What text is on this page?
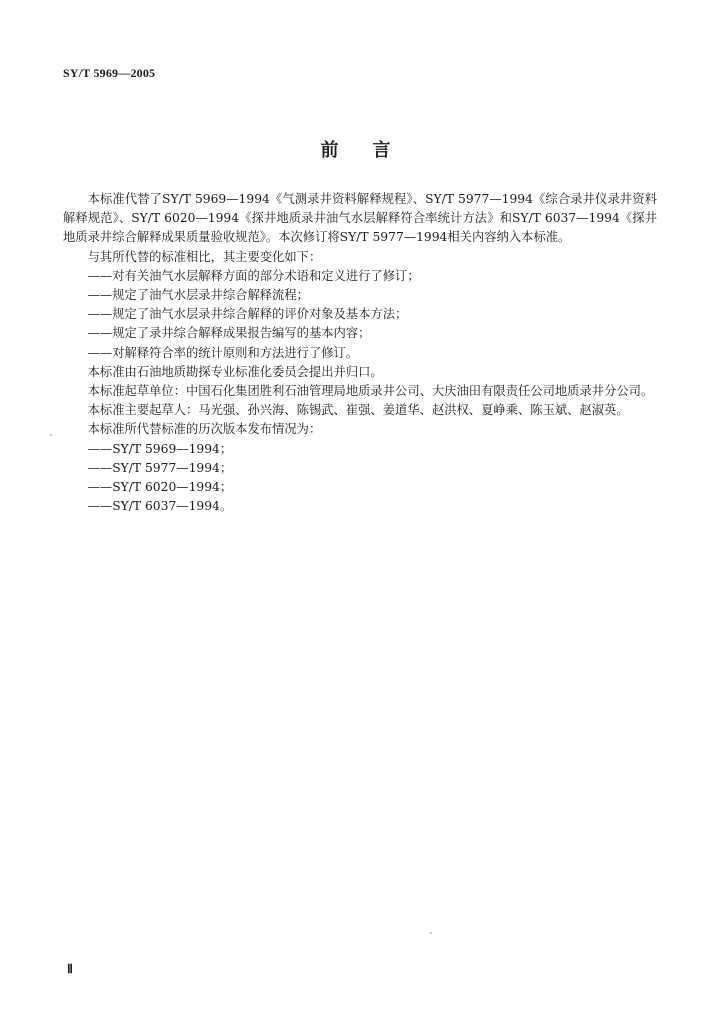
SY/T 5969—2005
前 言

本标准代替了SY/T 5969—1994《气测录井资料解释规程》、SY/T 5977—1994《综合录井仪录井资料解释规范》、SY/T 6020—1994《探井地质录井油气水层解释符合率统计方法》和SY/T 6037—1994《探井地质录井综合解释成果质量验收规范》。本次修订将SY/T 5977—1994相关内容纳入本标准。

与其所代替的标准相比，其主要变化如下：

——对有关油气水层解释方面的部分术语和定义进行了修订；

——规定了油气水层录井综合解释流程；

——规定了油气水层录井综合解释的评价对象及基本方法；

——规定了录井综合解释成果报告编写的基本内容；

——对解释符合率的统计原则和方法进行了修订。

本标准由石油地质勘探专业标准化委员会提出并归口。

本标准起草单位：中国石化集团胜利石油管理局地质录井公司、大庆油田有限责任公司地质录井分公司。

本标准主要起草人：马光强、孙兴海、陈锡武、崔强、姜道华、赵洪权、夏峥乘、陈玉斌、赵淑英。

本标准所代替标准的历次版本发布情况为：

——SY/T 5969—1994；

——SY/T 5977—1994；

——SY/T 6020—1994；

——SY/T 6037—1994。

Ⅱ
